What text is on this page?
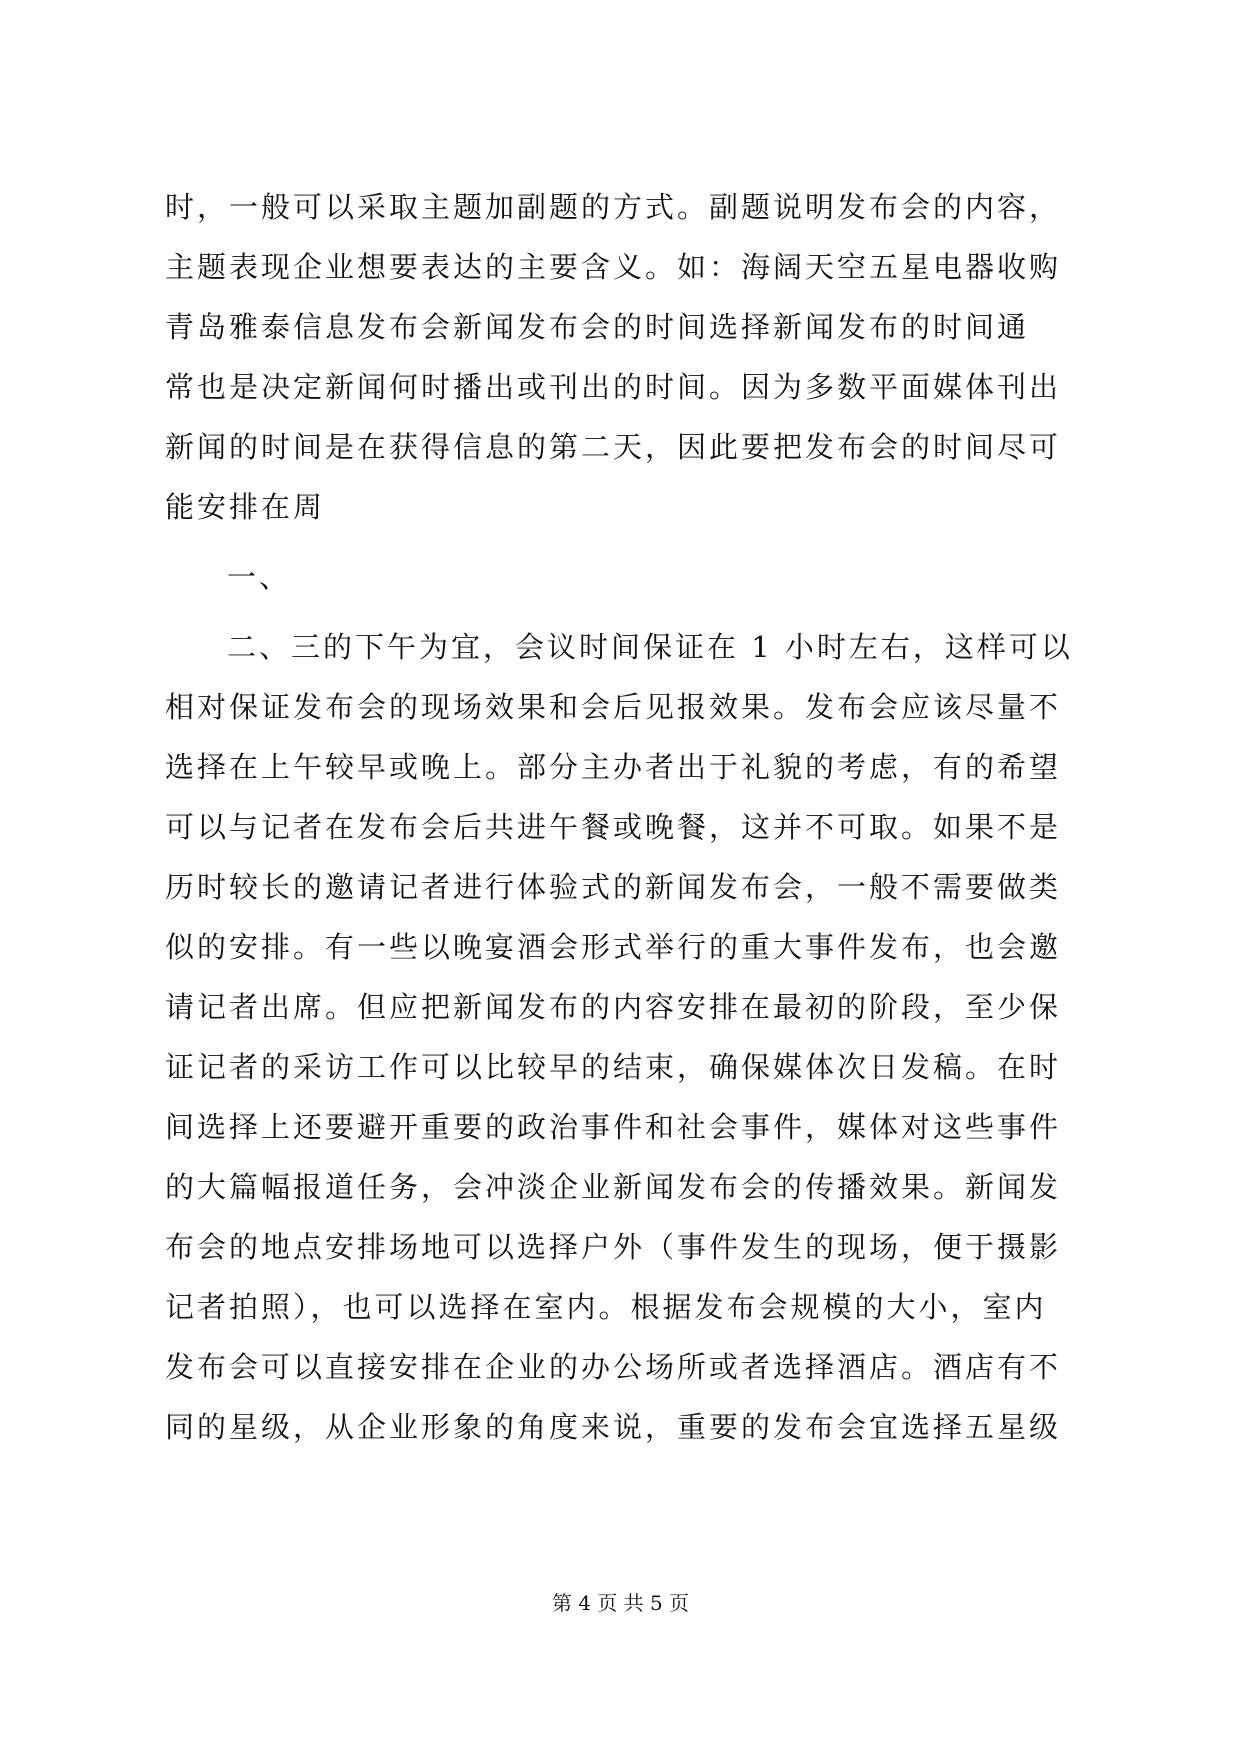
时，一般可以采取主题加副题的方式。副题说明发布会的内容，
主题表现企业想要表达的主要含义。如：海阔天空五星电器收购
青岛雅泰信息发布会新闻发布会的时间选择新闻发布的时间通
常也是决定新闻何时播出或刊出的时间。因为多数平面媒体刊出
新闻的时间是在获得信息的第二天，因此要把发布会的时间尽可
能安排在周
一、
二、三的下午为宜，会议时间保证在 1 小时左右，这样可以
相对保证发布会的现场效果和会后见报效果。发布会应该尽量不
选择在上午较早或晚上。部分主办者出于礼貌的考虑，有的希望
可以与记者在发布会后共进午餐或晚餐，这并不可取。如果不是
历时较长的邀请记者进行体验式的新闻发布会，一般不需要做类
似的安排。有一些以晚宴酒会形式举行的重大事件发布，也会邀
请记者出席。但应把新闻发布的内容安排在最初的阶段，至少保
证记者的采访工作可以比较早的结束，确保媒体次日发稿。在时
间选择上还要避开重要的政治事件和社会事件，媒体对这些事件
的大篇幅报道任务，会冲淡企业新闻发布会的传播效果。新闻发
布会的地点安排场地可以选择户外（事件发生的现场，便于摄影
记者拍照），也可以选择在室内。根据发布会规模的大小，室内
发布会可以直接安排在企业的办公场所或者选择酒店。酒店有不
同的星级，从企业形象的角度来说，重要的发布会宜选择五星级
第 4 页 共 5 页
